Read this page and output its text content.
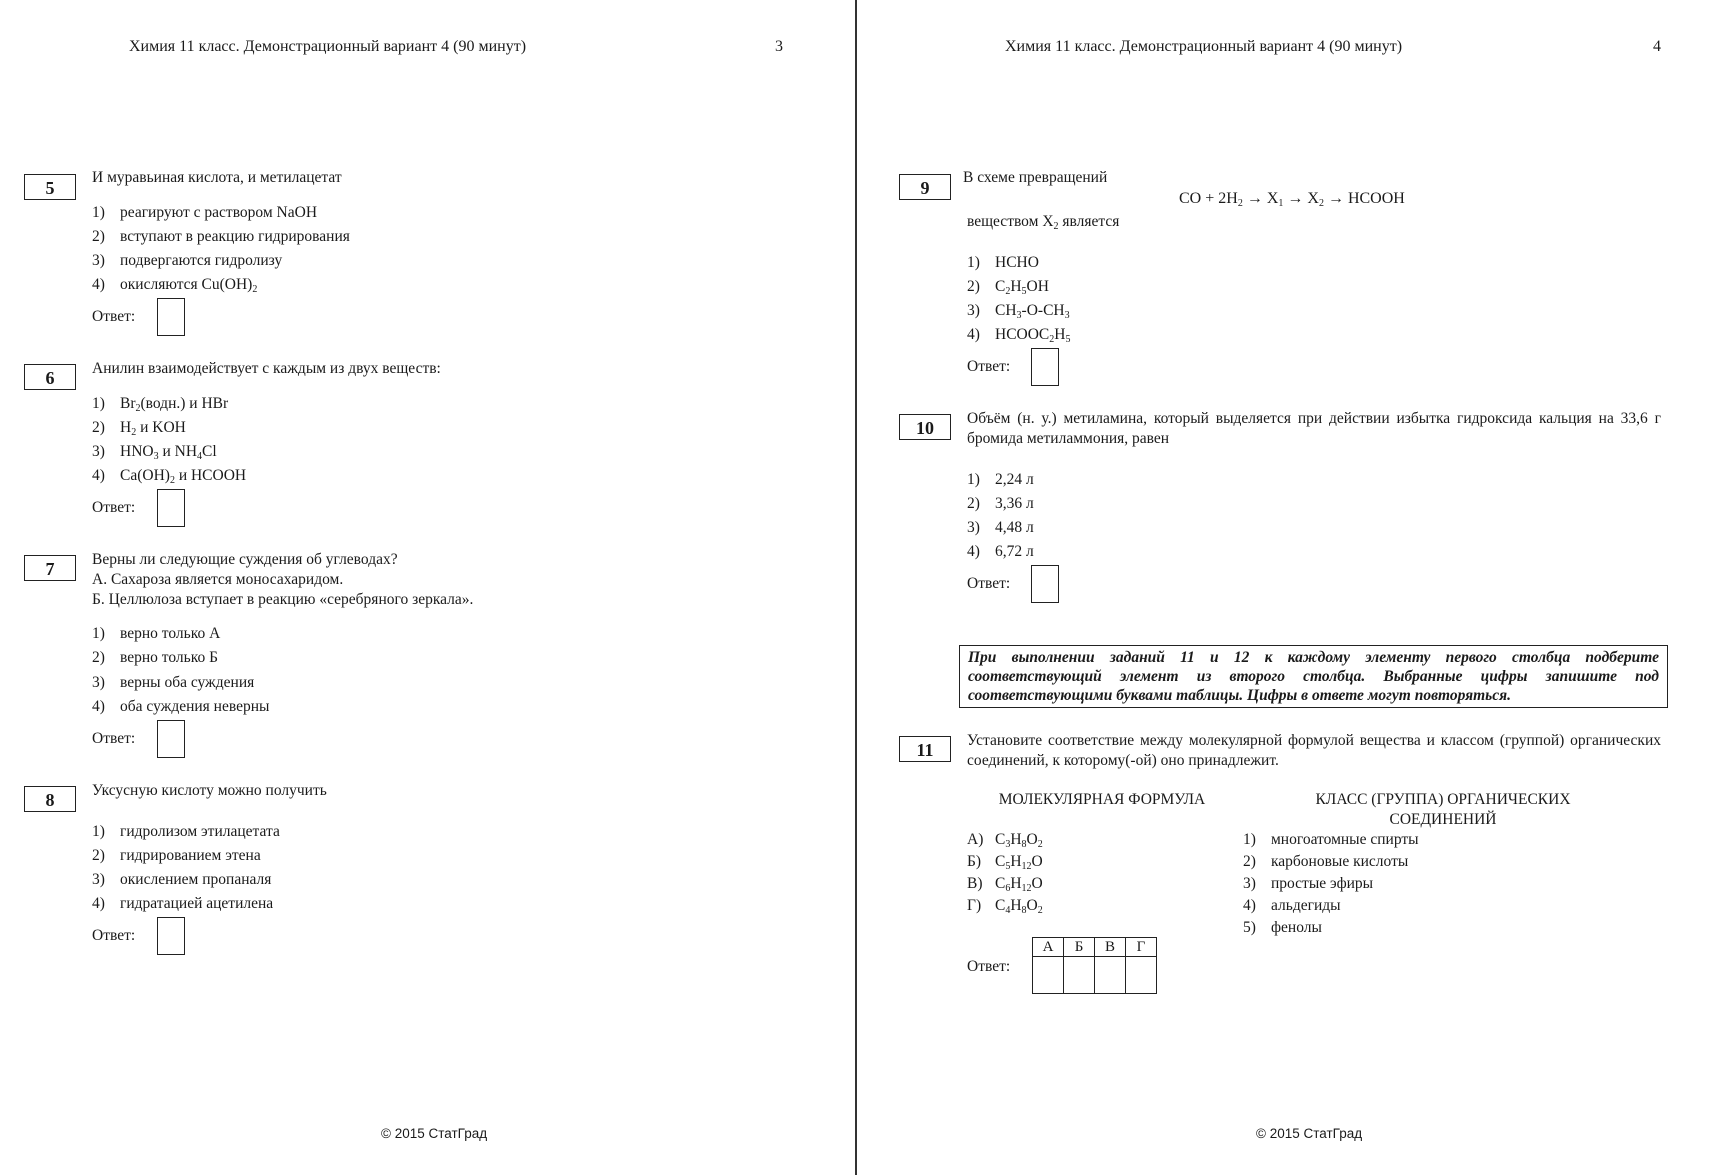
Химия 11 класс. Демонстрационный вариант 4 (90 минут)	3
5
И муравьиная кислота, и метилацетат
1) реагируют с раствором NaOH
2) вступают в реакцию гидрирования
3) подвергаются гидролизу
4) окисляются $Cu(OH)_2$
Ответ:
6	Анилин взаимодействует с каждым из двух веществ:
1) $Br_2(водн.)$ и HBr
2) $H_2$ и KOH
3) $HNO_3$ и $NH_4Cl$
4) $Ca(OH)_2$ и HCOOH
Ответ:
7	Верны ли следующие суждения об углеводах?
А. Сахароза является моносахаридом.
Б. Целлюлоза вступает в реакцию «серебряного зеркала».
1) верно только А
2) верно только Б
3) верны оба суждения
4) оба суждения неверны
Ответ:
8	Уксусную кислоту можно получить
1) гидролизом этилацетата
2) гидрированием этена
3) окислением пропаналя
4) гидратацией ацетилена
Ответ:
© 2015 СтатГрад
Химия 11 класс. Демонстрационный вариант 4 (90 минут)	4
9
В схеме превращений
CO + $2H_2 \to X_1 \to X_2$ → HCOOH
веществом $X_2$ является
1) HCHO
2) $C_2H_5OH$
3) $CH_3-O-CH_3$
4) $HCOOC_2H_5$
Ответ:
10	Объём (н. у.) метиламина, который выделяется при действии избытка гидроксида кальция на 33,6 г бромида метиламмония, равен
1) 2,24 л
2) 3,36 л
3) 4,48 л
4) 6,72 л
Ответ:
При выполнении заданий 11 и 12 к каждому элементу первого столбца подберите соответствующий элемент из второго столбца. Выбранные цифры запишите под соответствующими буквами таблицы. Цифры в ответе могут повторяться.
11	Установите соответствие между молекулярной формулой вещества и классом (группой) органических соединений, к которому(-ой) оно принадлежит.
МОЛЕКУЛЯРНАЯ ФОРМУЛА	КЛАСС (ГРУППА) ОРГАНИЧЕСКИХ СОЕДИНЕНИЙ
А) $C_3H_8O_2$
Б) $C_5H_{12}O$
В) $C_6H_{12}O$
Г) $C_4H_8O_2$
1) многоатомные спирты
2) карбоновые кислоты
3) простые эфиры
4) альдегиды
5) фенолы
Ответ:
А	Б	В	Г

© 2015 СтатГрад
